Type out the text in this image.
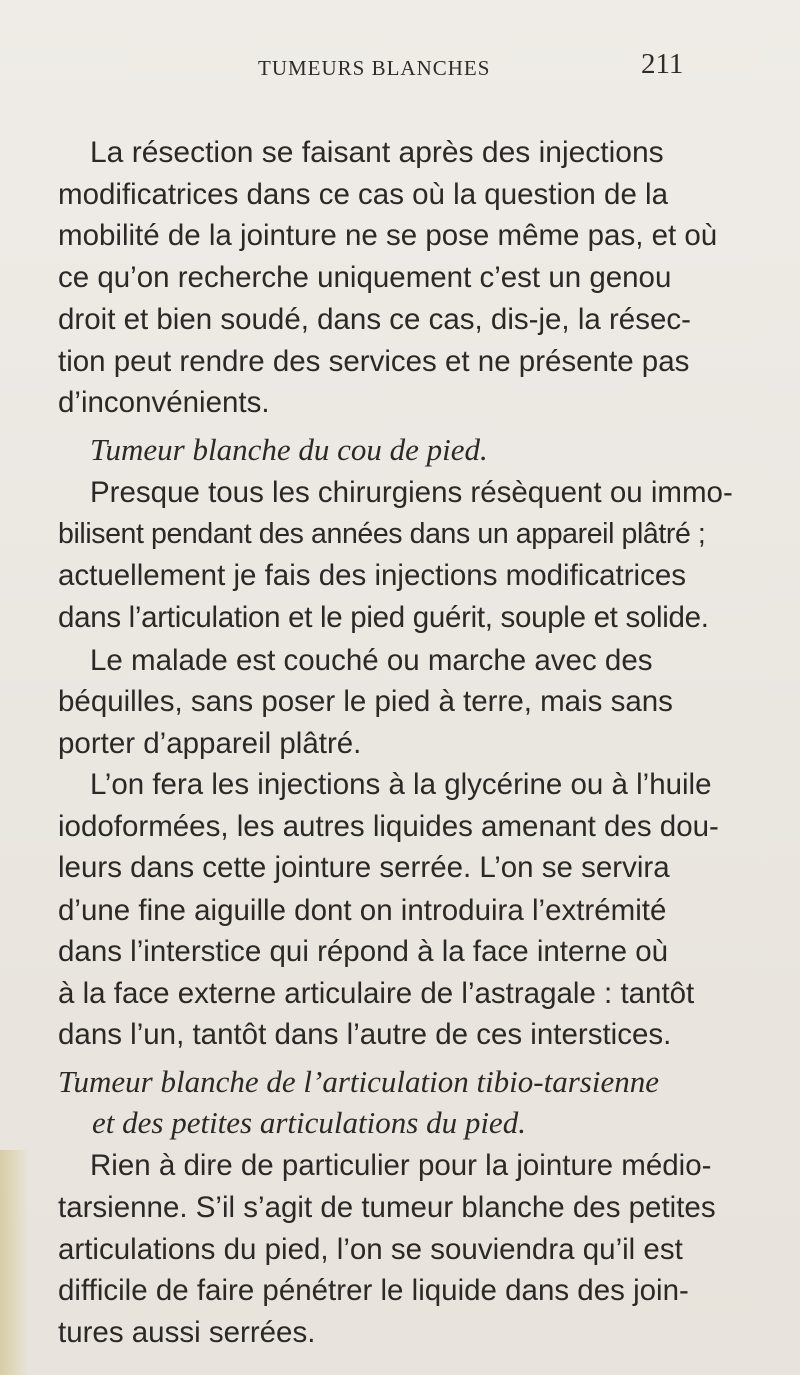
TUMEURS BLANCHES	211
La résection se faisant après des injections
modificatrices dans ce cas où la question de la
mobilité de la jointure ne se pose même pas, et où
ce qu’on recherche uniquement c’est un genou
droit et bien soudé, dans ce cas, dis-je, la résec-
tion peut rendre des services et ne présente pas
d’inconvénients.
Tumeur blanche du cou de pied.
Presque tous les chirurgiens résèquent ou immo-
bilisent pendant des années dans un appareil plâtré ;
actuellement je fais des injections modificatrices
dans l’articulation et le pied guérit, souple et solide.
Le malade est couché ou marche avec des
béquilles, sans poser le pied à terre, mais sans
porter d’appareil plâtré.
L’on fera les injections à la glycérine ou à l’huile
iodoformées, les autres liquides amenant des dou-
leurs dans cette jointure serrée. L’on se servira
d’une fine aiguille dont on introduira l’extrémité
dans l’interstice qui répond à la face interne où
à la face externe articulaire de l’astragale : tantôt
dans l’un, tantôt dans l’autre de ces interstices.
Tumeur blanche de l’articulation tibio-tarsienne
et des petites articulations du pied.
Rien à dire de particulier pour la jointure médio-
tarsienne. S’il s’agit de tumeur blanche des petites
articulations du pied, l’on se souviendra qu’il est
difficile de faire pénétrer le liquide dans des join-
tures aussi serrées.
